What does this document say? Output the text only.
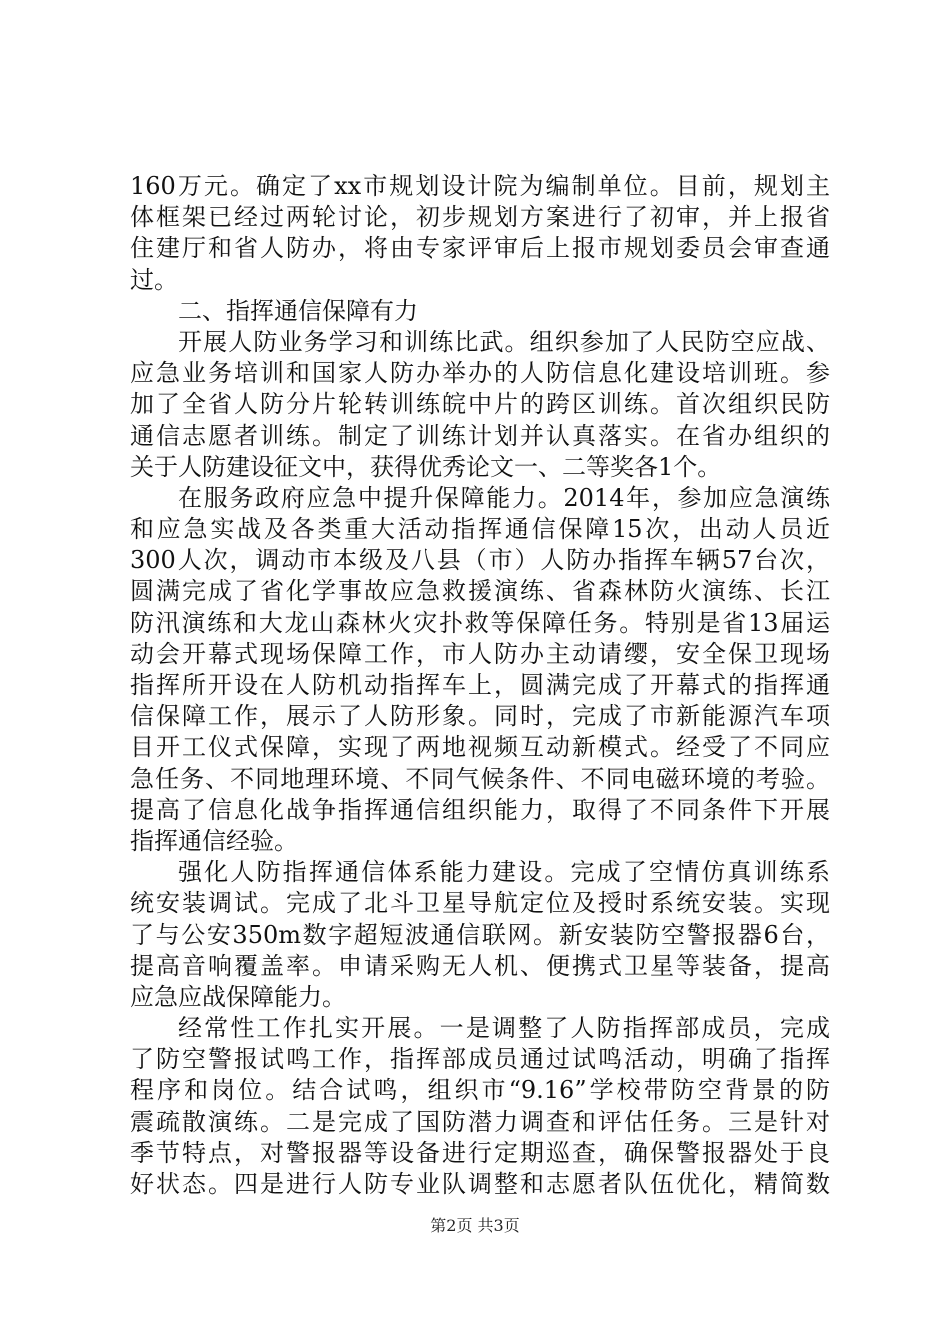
160万元。确定了xx市规划设计院为编制单位。目前，规划主
体框架已经过两轮讨论，初步规划方案进行了初审，并上报省
住建厅和省人防办，将由专家评审后上报市规划委员会审查通
过。
二、指挥通信保障有力
开展人防业务学习和训练比武。组织参加了人民防空应战、
应急业务培训和国家人防办举办的人防信息化建设培训班。参
加了全省人防分片轮转训练皖中片的跨区训练。首次组织民防
通信志愿者训练。制定了训练计划并认真落实。在省办组织的
关于人防建设征文中，获得优秀论文一、二等奖各1个。
在服务政府应急中提升保障能力。2014年，参加应急演练
和应急实战及各类重大活动指挥通信保障15次，出动人员近
300人次，调动市本级及八县（市）人防办指挥车辆57台次，
圆满完成了省化学事故应急救援演练、省森林防火演练、长江
防汛演练和大龙山森林火灾扑救等保障任务。特别是省13届运
动会开幕式现场保障工作，市人防办主动请缨，安全保卫现场
指挥所开设在人防机动指挥车上，圆满完成了开幕式的指挥通
信保障工作，展示了人防形象。同时，完成了市新能源汽车项
目开工仪式保障，实现了两地视频互动新模式。经受了不同应
急任务、不同地理环境、不同气候条件、不同电磁环境的考验。
提高了信息化战争指挥通信组织能力，取得了不同条件下开展
指挥通信经验。
强化人防指挥通信体系能力建设。完成了空情仿真训练系
统安装调试。完成了北斗卫星导航定位及授时系统安装。实现
了与公安350m数字超短波通信联网。新安装防空警报器6台，
提高音响覆盖率。申请采购无人机、便携式卫星等装备，提高
应急应战保障能力。
经常性工作扎实开展。一是调整了人防指挥部成员，完成
了防空警报试鸣工作，指挥部成员通过试鸣活动，明确了指挥
程序和岗位。结合试鸣，组织市“9.16”学校带防空背景的防
震疏散演练。二是完成了国防潜力调查和评估任务。三是针对
季节特点，对警报器等设备进行定期巡查，确保警报器处于良
好状态。四是进行人防专业队调整和志愿者队伍优化，精简数
第2页 共3页
